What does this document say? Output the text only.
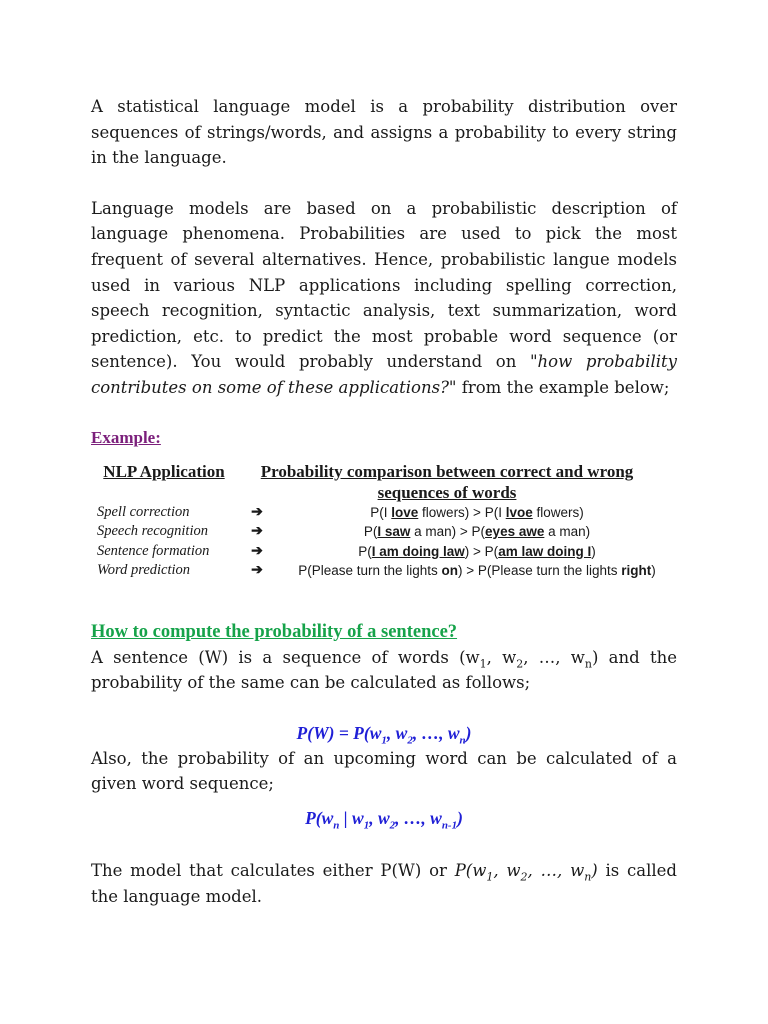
A statistical language model is a probability distribution over sequences of strings/words, and assigns a probability to every string in the language.

Language models are based on a probabilistic description of language phenomena. Probabilities are used to pick the most frequent of several alternatives. Hence, probabilistic langue models used in various NLP applications including spelling correction, speech recognition, syntactic analysis, text summarization, word prediction, etc. to predict the most probable word sequence (or sentence). You would probably understand on "how probability contributes on some of these applications?" from the example below;

Example:
NLP Application	Probability comparison between correct and wrong sequences of words
Spell correction	➔	P(I love flowers) > P(I lvoe flowers)
Speech recognition	➔	P(I saw a man) > P(eyes awe a man)
Sentence formation	➔	P(I am doing law) > P(am law doing I)
Word prediction	➔	P(Please turn the lights on) > P(Please turn the lights right)
How to compute the probability of a sentence?

A sentence (W) is a sequence of words ($w_1$, $w_2$, …, $w_n$) and the probability of the same can be calculated as follows;

$P(W) = P(w_1$, $w_2$, …, $w_n$)

Also, the probability of an upcoming word can be calculated of a given word sequence;

$P(w_n$ | $w_1$, $w_2$, …, $w_{n-1}$)

The model that calculates either P(W) or $P(w_1$, $w_2$, …, $w_n$) is called the language model.
